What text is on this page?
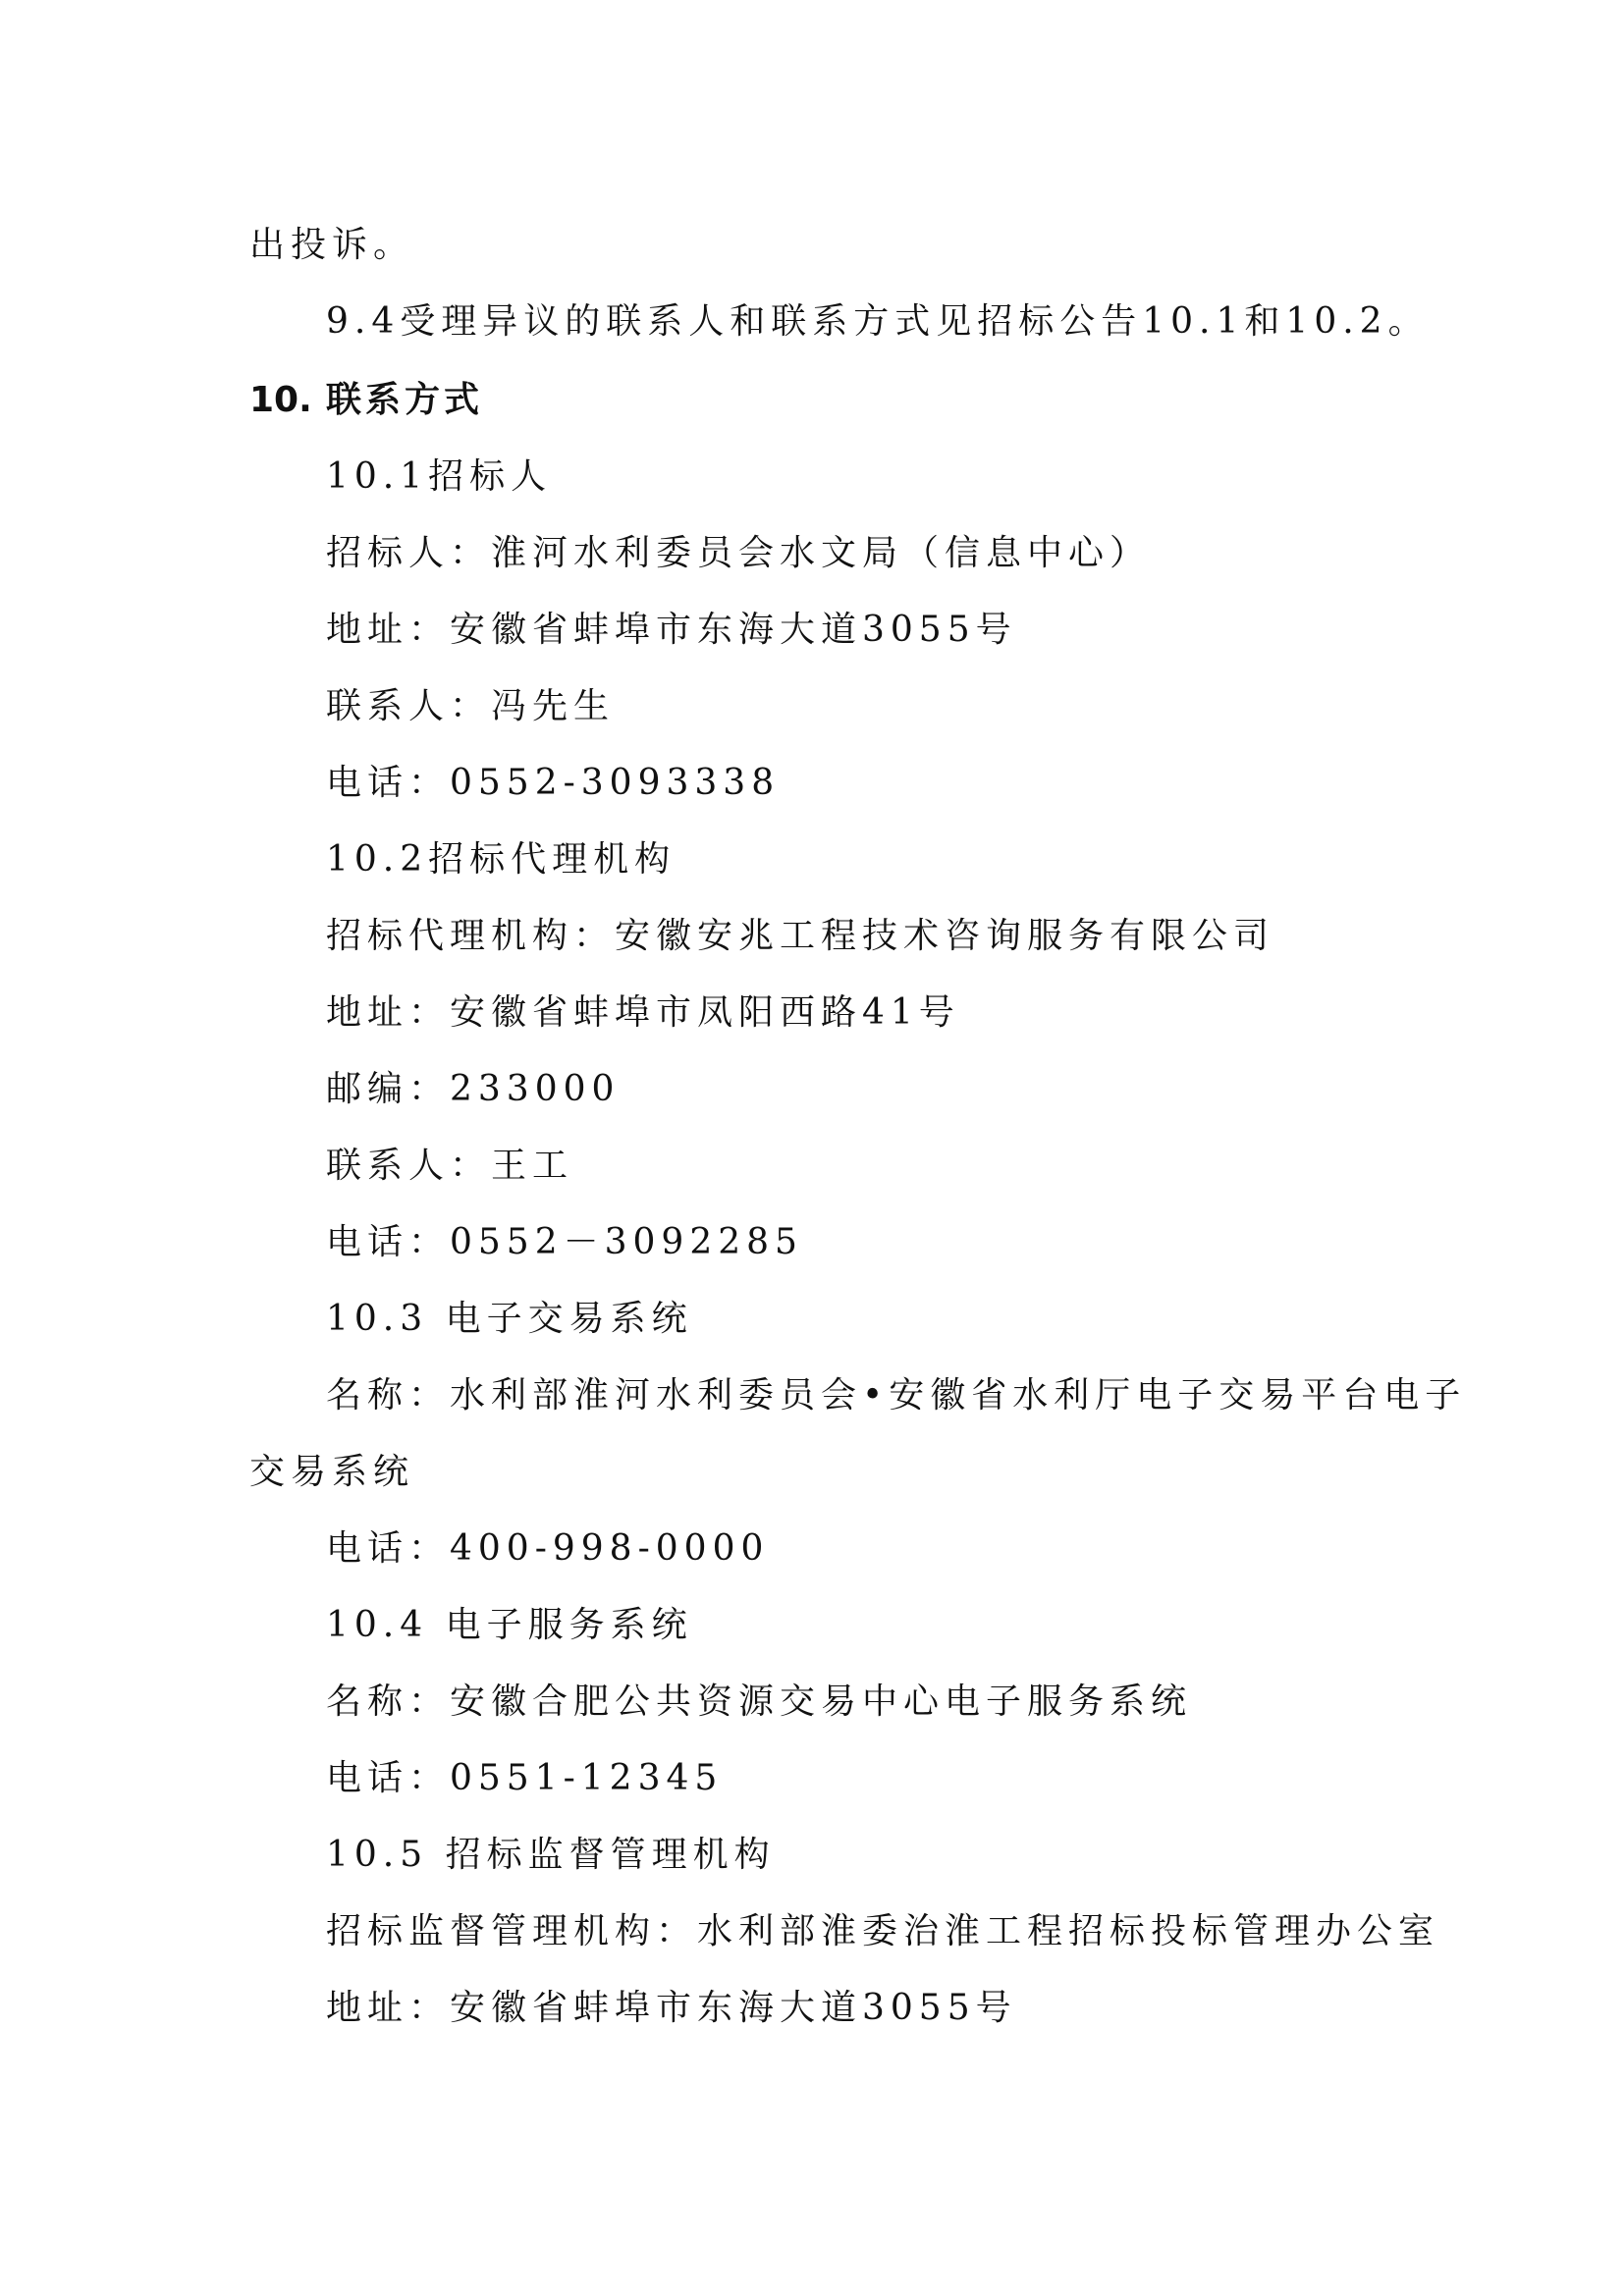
出投诉。
9.4受理异议的联系人和联系方式见招标公告10.1和10.2。
10. 联系方式
10.1招标人
招标人：淮河水利委员会水文局（信息中心）
地址：安徽省蚌埠市东海大道3055号
联系人：冯先生
电话：0552-3093338
10.2招标代理机构
招标代理机构：安徽安兆工程技术咨询服务有限公司
地址：安徽省蚌埠市凤阳西路41号
邮编：233000
联系人：王工
电话：0552－3092285
10.3 电子交易系统
名称：水利部淮河水利委员会•安徽省水利厅电子交易平台电子
交易系统
电话：400-998-0000
10.4 电子服务系统
名称：安徽合肥公共资源交易中心电子服务系统
电话：0551-12345
10.5 招标监督管理机构
招标监督管理机构：水利部淮委治淮工程招标投标管理办公室
地址：安徽省蚌埠市东海大道3055号
